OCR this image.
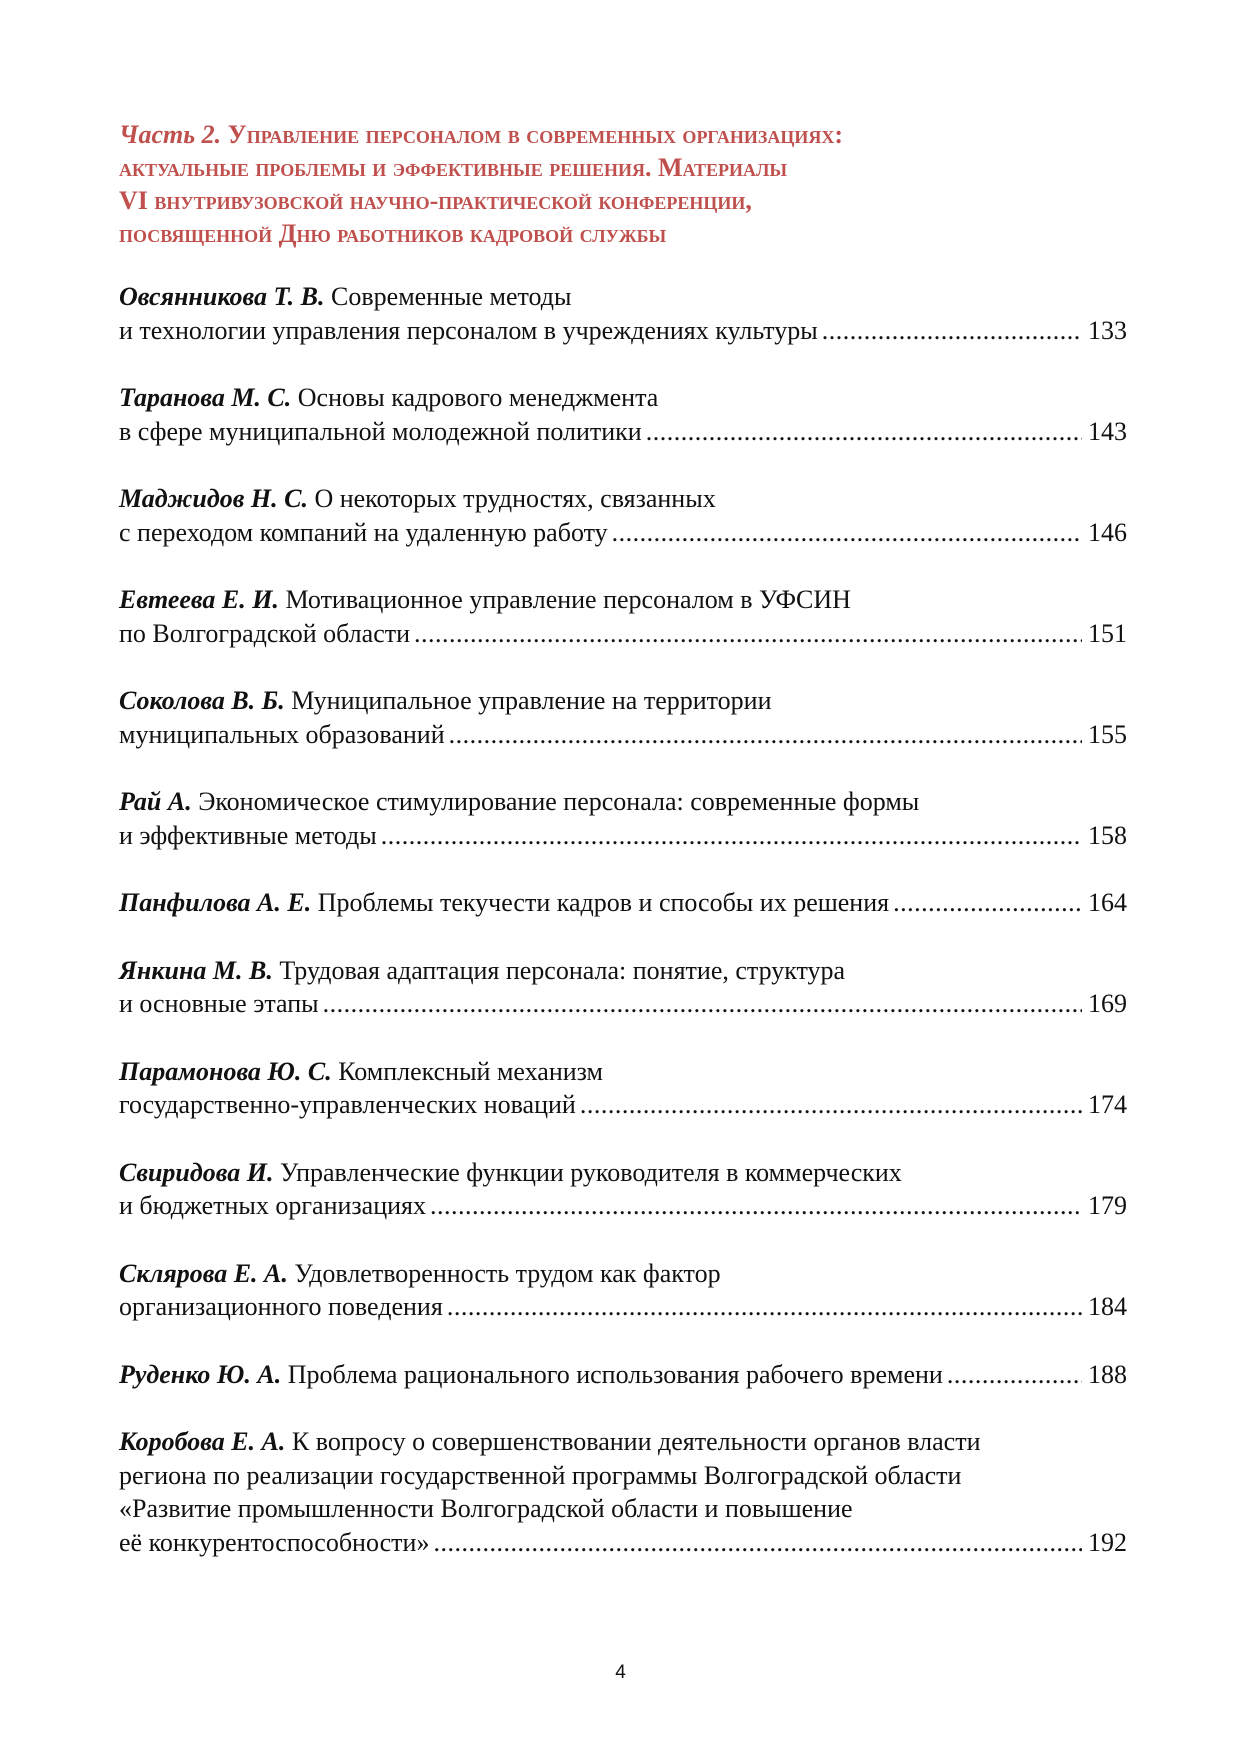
Часть 2. Управление персоналом в современных организациях:
актуальные проблемы и эффективные решения. Материалы
VI внутривузовской научно-практической конференции,
посвященной Дню работников кадровой службы
Овсянникова Т. В. Современные методы
и технологии управления персоналом в учреждениях культуры .....	133
Таранова М. С. Основы кадрового менеджмента
в сфере муниципальной молодежной политики .....	143
Маджидов Н. С. О некоторых трудностях, связанных
с переходом компаний на удаленную работу .....	146
Евтеева Е. И. Мотивационное управление персоналом в УФСИН
по Волгоградской области .....	151
Соколова В. Б. Муниципальное управление на территории
муниципальных образований .....	155
Рай А. Экономическое стимулирование персонала: современные формы
и эффективные методы .....	158
Панфилова А. Е. Проблемы текучести кадров и способы их решения .....	164
Янкина М. В. Трудовая адаптация персонала: понятие, структура
и основные этапы .....	169
Парамонова Ю. С. Комплексный механизм
государственно-управленческих новаций .....	174
Свиридова И. Управленческие функции руководителя в коммерческих
и бюджетных организациях .....	179
Склярова Е. А. Удовлетворенность трудом как фактор
организационного поведения .....	184
Руденко Ю. А. Проблема рационального использования рабочего времени .....	188
Коробова Е. А. К вопросу о совершенствовании деятельности органов власти
региона по реализации государственной программы Волгоградской области
«Развитие промышленности Волгоградской области и повышение
её конкурентоспособности» .....	192
4
